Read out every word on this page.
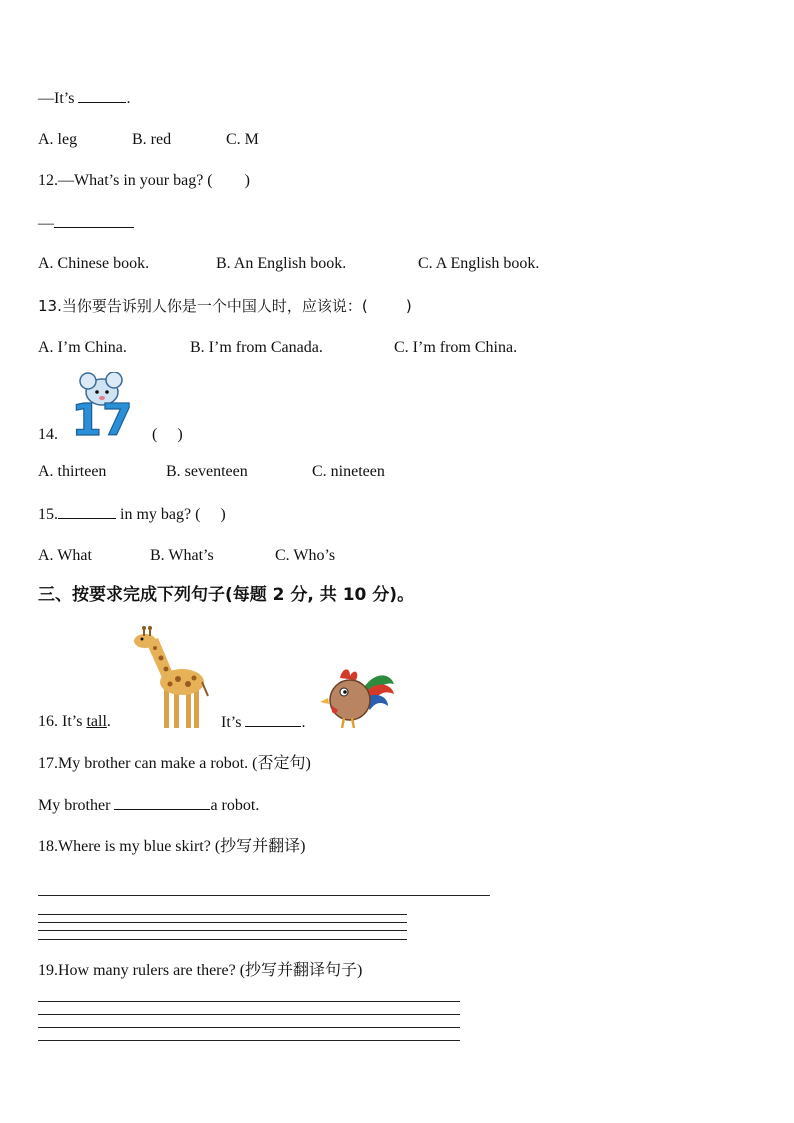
—It’s	.
A. leg	B. red	C. M
12.—What’s in your bag? (        )
—
A. Chinese book.	B. An English book.	C. A English book.
13.当你要告诉别人你是一个中国人时，应该说：(        )
A. I’m China.	B. I’m from Canada.	C. I’m from China.
17
14.	(     )
A. thirteen	B. seventeen	C. nineteen
15.	in my bag? (     )
A. What	B. What’s	C. Who’s
三、按要求完成下列句子(每题 2 分, 共 10 分)。
16. It’s tall.	It’s	.
17.My brother can make a robot. (否定句)
My brother	a robot.
18.Where is my blue skirt? (抄写并翻译)
19.How many rulers are there? (抄写并翻译句子)
